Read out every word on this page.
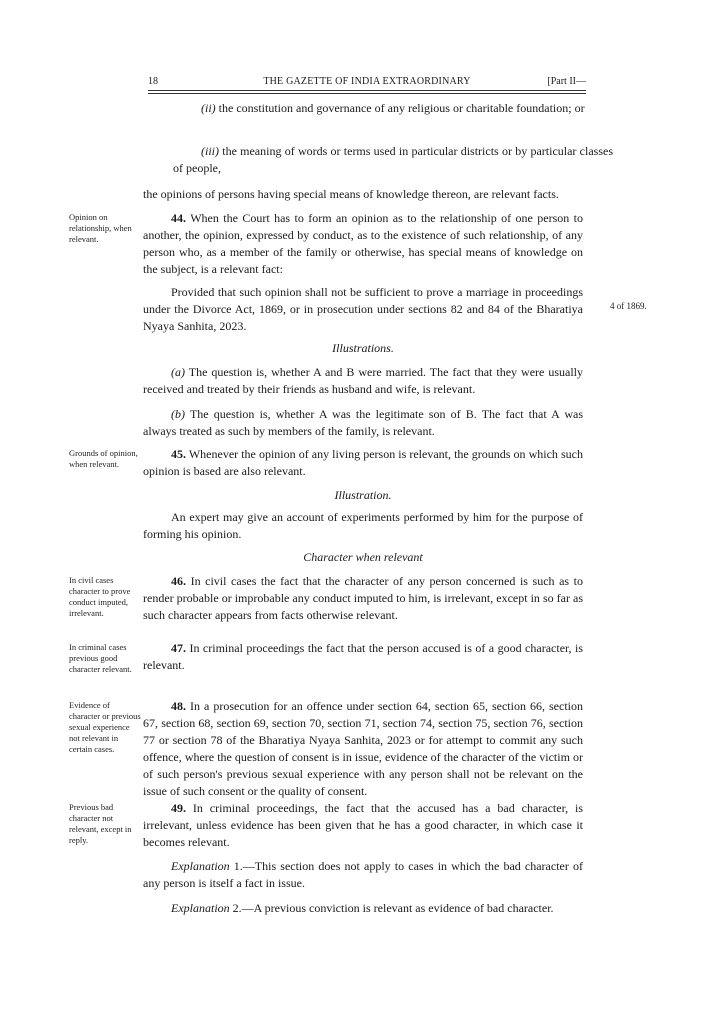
18	THE GAZETTE OF INDIA EXTRAORDINARY	[Part II—

(ii) the constitution and governance of any religious or charitable foundation; or

(iii) the meaning of words or terms used in particular districts or by particular classes of people,

the opinions of persons having special means of knowledge thereon, are relevant facts.

Opinion on relationship, when relevant.

44. When the Court has to form an opinion as to the relationship of one person to another, the opinion, expressed by conduct, as to the existence of such relationship, of any person who, as a member of the family or otherwise, has special means of knowledge on the subject, is a relevant fact:

Provided that such opinion shall not be sufficient to prove a marriage in proceedings under the Divorce Act, 1869, or in prosecution under sections 82 and 84 of the Bharatiya Nyaya Sanhita, 2023.

4 of 1869.
Illustrations.

(a) The question is, whether A and B were married. The fact that they were usually received and treated by their friends as husband and wife, is relevant.

(b) The question is, whether A was the legitimate son of B. The fact that A was always treated as such by members of the family, is relevant.

Grounds of opinion, when relevant.

45. Whenever the opinion of any living person is relevant, the grounds on which such opinion is based are also relevant.

Illustration.

An expert may give an account of experiments performed by him for the purpose of forming his opinion.

Character when relevant
In civil cases character to prove conduct imputed, irrelevant.

46. In civil cases the fact that the character of any person concerned is such as to render probable or improbable any conduct imputed to him, is irrelevant, except in so far as such character appears from facts otherwise relevant.

In criminal cases previous good character relevant.

47. In criminal proceedings the fact that the person accused is of a good character, is relevant.

Evidence of character or previous sexual experience not relevant in certain cases.

48. In a prosecution for an offence under section 64, section 65, section 66, section 67, section 68, section 69, section 70, section 71, section 74, section 75, section 76, section 77 or section 78 of the Bharatiya Nyaya Sanhita, 2023 or for attempt to commit any such offence, where the question of consent is in issue, evidence of the character of the victim or of such person's previous sexual experience with any person shall not be relevant on the issue of such consent or the quality of consent.

Previous bad character not relevant, except in reply.

49. In criminal proceedings, the fact that the accused has a bad character, is irrelevant, unless evidence has been given that he has a good character, in which case it becomes relevant.

Explanation 1.—This section does not apply to cases in which the bad character of any person is itself a fact in issue.

Explanation 2.—A previous conviction is relevant as evidence of bad character.
